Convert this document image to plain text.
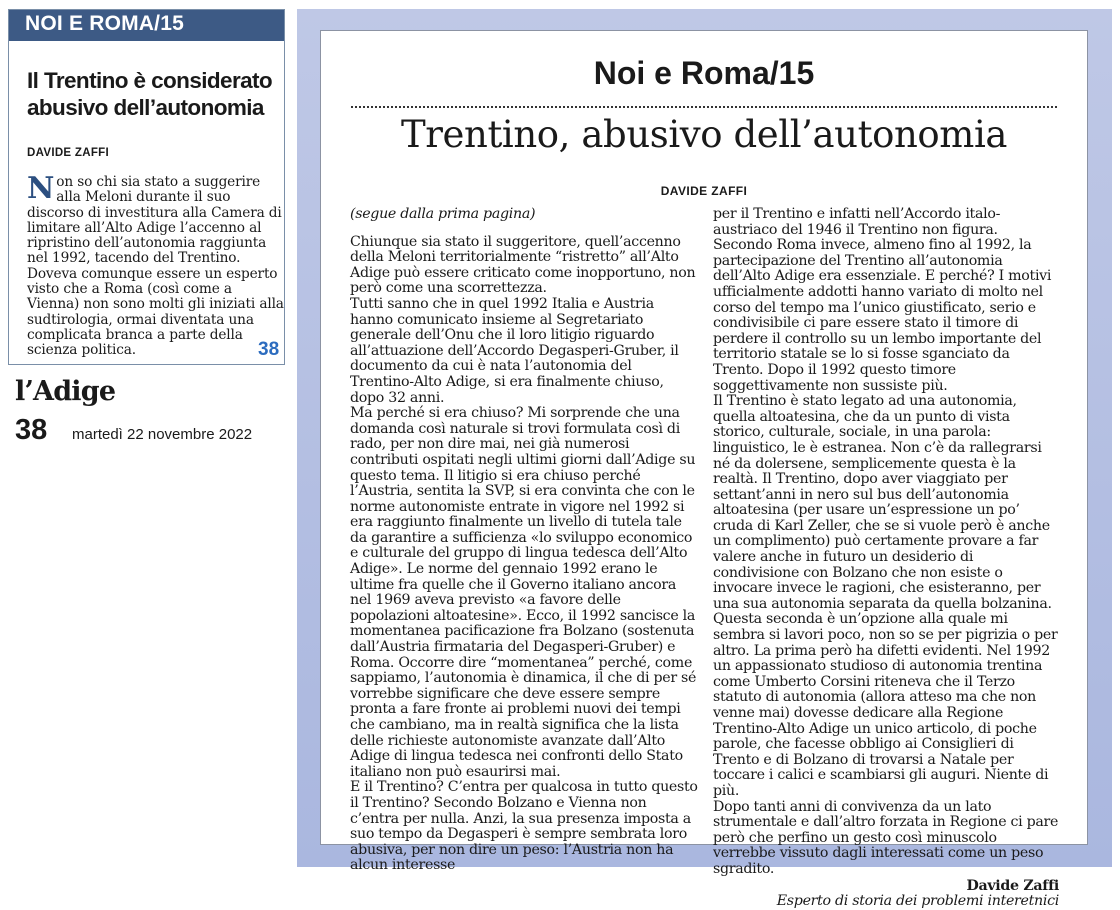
NOI E ROMA/15
Il Trentino è considerato abusivo dell’autonomia
DAVIDE ZAFFI

Non so chi sia stato a suggerire alla Meloni durante il suo discorso di investitura alla Camera di limitare all’Alto Adige l’accenno al ripristino dell’autonomia raggiunta nel 1992, tacendo del Trentino. Doveva comunque essere un esperto visto che a Roma (così come a Vienna) non sono molti gli iniziati alla sudtirologia, ormai diventata una complicata branca a parte della scienza politica.	38
l’Adige
38 martedì 22 novembre 2022
Noi e Roma/15
Trentino, abusivo dell’autonomia
DAVIDE ZAFFI

(segue dalla prima pagina)

Chiunque sia stato il suggeritore, quell’accenno della Meloni territorialmente “ristretto” all’Alto Adige può essere criticato come inopportuno, non però come una scorrettezza.

Tutti sanno che in quel 1992 Italia e Austria hanno comunicato insieme al Segretariato generale dell’Onu che il loro litigio riguardo all’attuazione dell’Accordo Degasperi-Gruber, il documento da cui è nata l’autonomia del Trentino-Alto Adige, si era finalmente chiuso, dopo 32 anni.

Ma perché si era chiuso? Mi sorprende che una domanda così naturale si trovi formulata così di rado, per non dire mai, nei già numerosi contributi ospitati negli ultimi giorni dall’Adige su questo tema. Il litigio si era chiuso perché l’Austria, sentita la SVP, si era convinta che con le norme autonomiste entrate in vigore nel 1992 si era raggiunto finalmente un livello di tutela tale da garantire a sufficienza «lo sviluppo economico e culturale del gruppo di lingua tedesca dell’Alto Adige». Le norme del gennaio 1992 erano le ultime fra quelle che il Governo italiano ancora nel 1969 aveva previsto «a favore delle popolazioni altoatesine». Ecco, il 1992 sancisce la momentanea pacificazione fra Bolzano (sostenuta dall’Austria firmataria del Degasperi-Gruber) e Roma. Occorre dire “momentanea” perché, come sappiamo, l’autonomia è dinamica, il che di per sé vorrebbe significare che deve essere sempre pronta a fare fronte ai problemi nuovi dei tempi che cambiano, ma in realtà significa che la lista delle richieste autonomiste avanzate dall’Alto Adige di lingua tedesca nei confronti dello Stato italiano non può esaurirsi mai.

E il Trentino? C’entra per qualcosa in tutto questo il Trentino? Secondo Bolzano e Vienna non c’entra per nulla. Anzi, la sua presenza imposta a suo tempo da Degasperi è sempre sembrata loro abusiva, per non dire un peso: l’Austria non ha alcun interesse

per il Trentino e infatti nell’Accordo italo-austriaco del 1946 il Trentino non figura. Secondo Roma invece, almeno fino al 1992, la partecipazione del Trentino all’autonomia dell’Alto Adige era essenziale. E perché? I motivi ufficialmente addotti hanno variato di molto nel corso del tempo ma l’unico giustificato, serio e condivisibile ci pare essere stato il timore di perdere il controllo su un lembo importante del territorio statale se lo si fosse sganciato da Trento. Dopo il 1992 questo timore soggettivamente non sussiste più.

Il Trentino è stato legato ad una autonomia, quella altoatesina, che da un punto di vista storico, culturale, sociale, in una parola: linguistico, le è estranea. Non c’è da rallegrarsi né da dolersene, semplicemente questa è la realtà. Il Trentino, dopo aver viaggiato per settant’anni in nero sul bus dell’autonomia altoatesina (per usare un’espressione un po’ cruda di Karl Zeller, che se si vuole però è anche un complimento) può certamente provare a far valere anche in futuro un desiderio di condivisione con Bolzano che non esiste o invocare invece le ragioni, che esisteranno, per una sua autonomia separata da quella bolzanina. Questa seconda è un’opzione alla quale mi sembra si lavori poco, non so se per pigrizia o per altro. La prima però ha difetti evidenti. Nel 1992 un appassionato studioso di autonomia trentina come Umberto Corsini riteneva che il Terzo statuto di autonomia (allora atteso ma che non venne mai) dovesse dedicare alla Regione Trentino-Alto Adige un unico articolo, di poche parole, che facesse obbligo ai Consiglieri di Trento e di Bolzano di trovarsi a Natale per toccare i calici e scambiarsi gli auguri. Niente di più.

Dopo tanti anni di convivenza da un lato strumentale e dall’altro forzata in Regione ci pare però che perfino un gesto così minuscolo verrebbe vissuto dagli interessati come un peso sgradito.

Davide Zaffi

Esperto di storia dei problemi interetnici
